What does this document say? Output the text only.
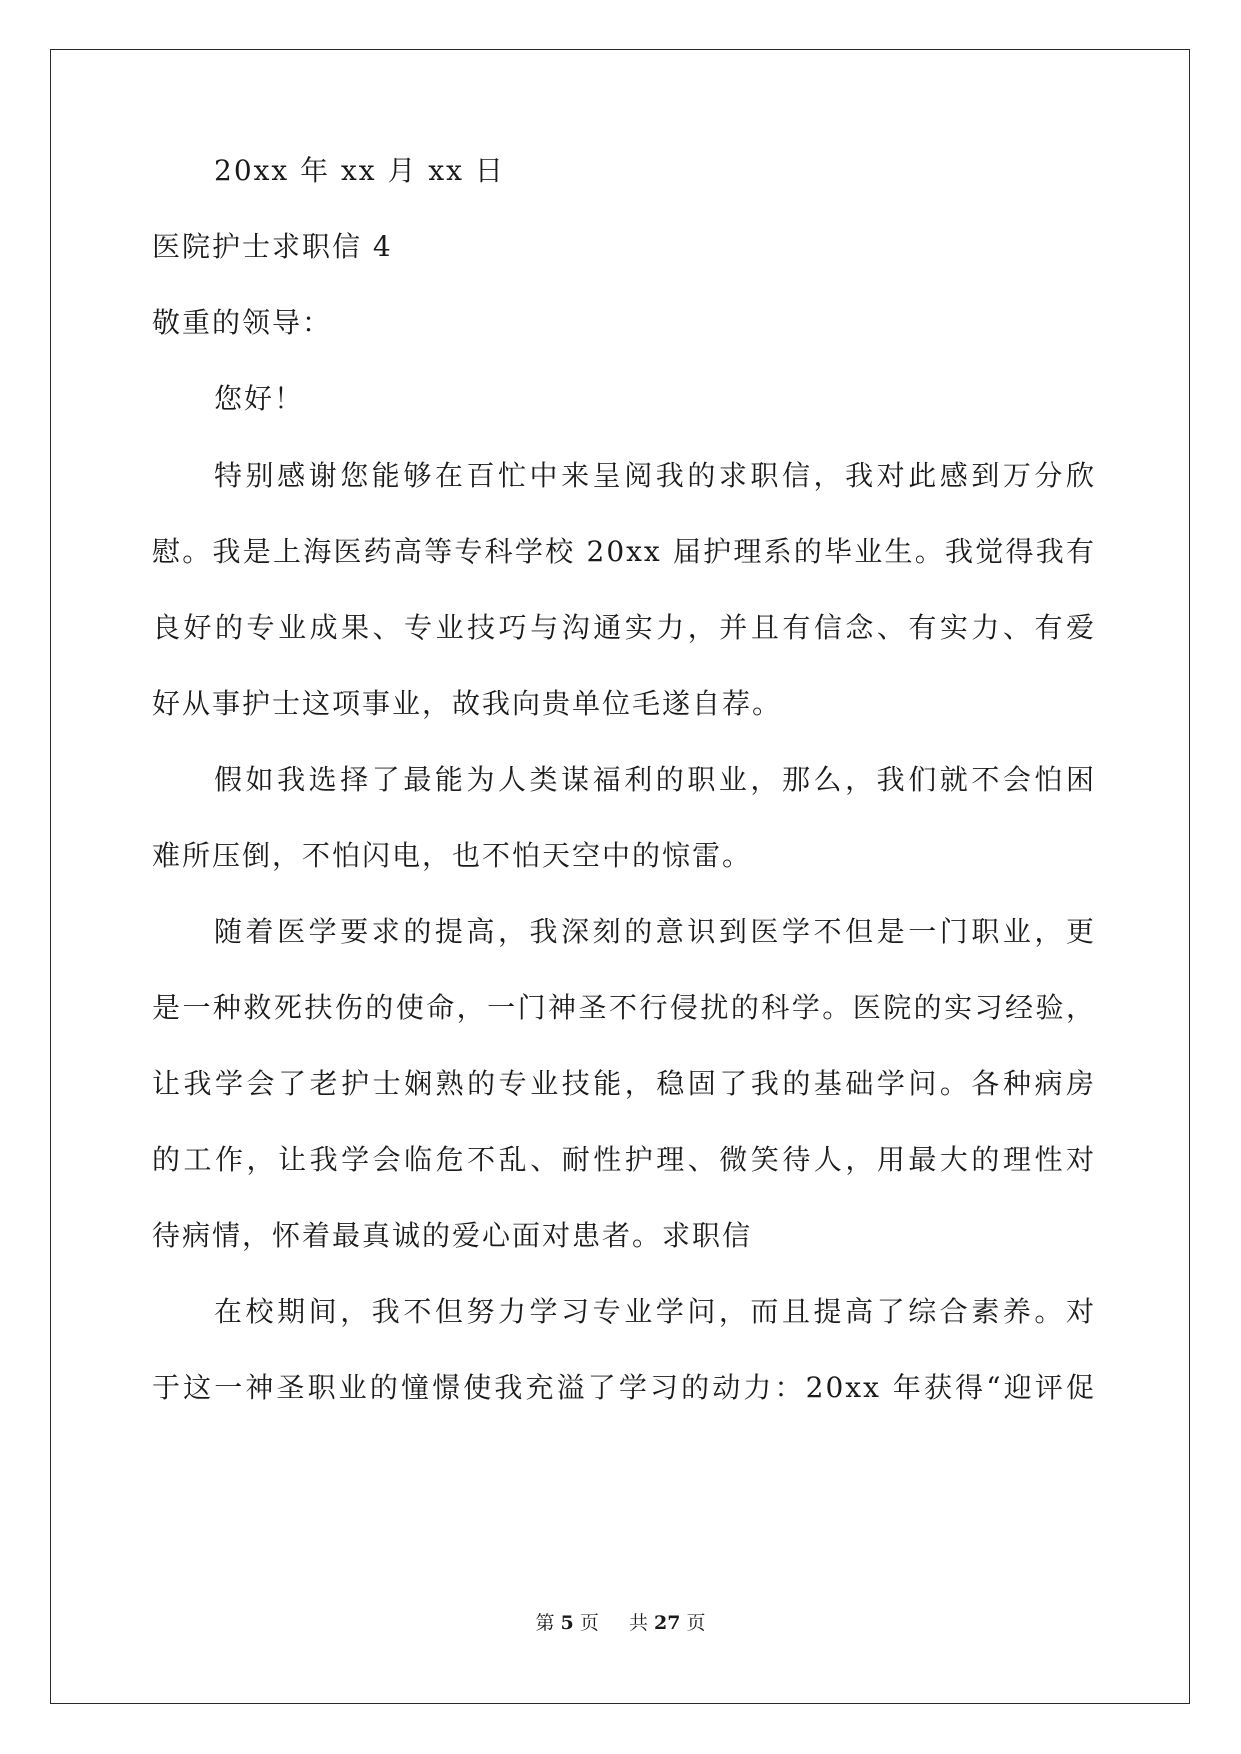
20xx 年 xx 月 xx 日
医院护士求职信 4
敬重的领导：
您好！
特别感谢您能够在百忙中来呈阅我的求职信，我对此感到万分欣
慰。我是上海医药高等专科学校 20xx 届护理系的毕业生。我觉得我有
良好的专业成果、专业技巧与沟通实力，并且有信念、有实力、有爱
好从事护士这项事业，故我向贵单位毛遂自荐。
假如我选择了最能为人类谋福利的职业，那么，我们就不会怕困
难所压倒，不怕闪电，也不怕天空中的惊雷。
随着医学要求的提高，我深刻的意识到医学不但是一门职业，更
是一种救死扶伤的使命，一门神圣不行侵扰的科学。医院的实习经验，
让我学会了老护士娴熟的专业技能，稳固了我的基础学问。各种病房
的工作，让我学会临危不乱、耐性护理、微笑待人，用最大的理性对
待病情，怀着最真诚的爱心面对患者。求职信
在校期间，我不但努力学习专业学问，而且提高了综合素养。对
于这一神圣职业的憧憬使我充溢了学习的动力：20xx 年获得“迎评促
第 5 页 共 27 页
